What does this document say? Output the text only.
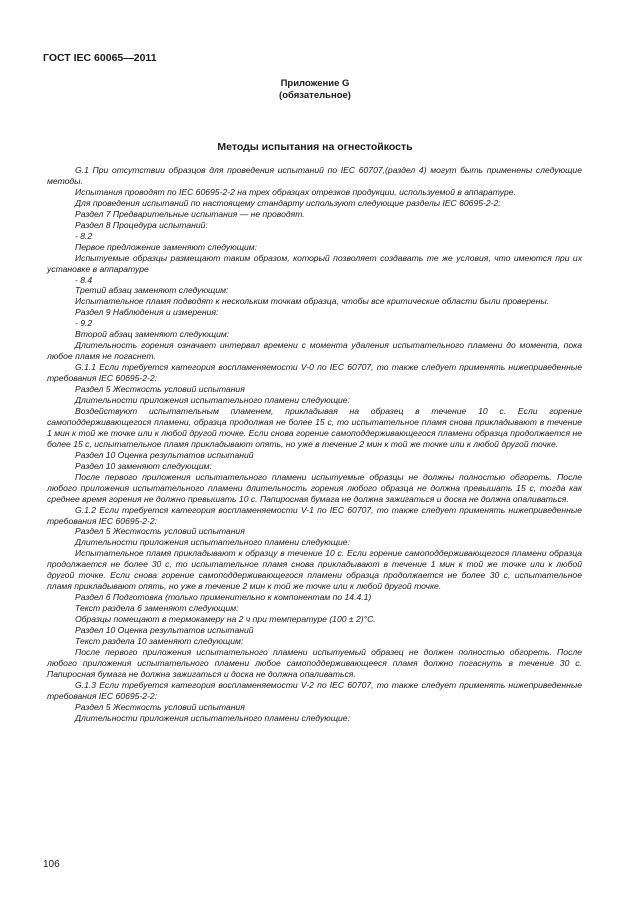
ГОСТ IEC 60065—2011
Приложение G
(обязательное)
Методы испытания на огнестойкость

G.1 При отсутствии образцов для проведения испытаний по IEC 60707,(раздел 4) могут быть применены следующие методы.

Испытания проводят по IEC 60695-2-2 на трех образцах отрезков продукции, используемой в аппаратуре.

Для проведения испытаний по настоящему стандарту используют следующие разделы IEC 60695-2-2:

Раздел 7 Предварительные испытания — не проводят.

Раздел 8 Процедура испытаний:

- 8.2

Первое предложение заменяют следующим:

Испытуемые образцы размещают таким образом, который позволяет создавать те же условия, что имеются при их установке в аппаратуре

- 8.4

Третий абзац заменяют следующим:

Испытательное пламя подводят к нескольким точкам образца, чтобы все критические области были проверены.

Раздел 9 Наблюдения и измерения:

- 9.2

Второй абзац заменяют следующим:

Длительность горения означает интервал времени с момента удаления испытательного пламени до момента, пока любое пламя не погаснет.

G.1.1 Если требуется категория воспламеняемости V-0 по IEC 60707, то также следует применять нижеприведенные требования IEC 60695-2-2:

Раздел 5 Жесткость условий испытания

Длительности приложения испытательного пламени следующие:

Воздействуют испытательным пламенем, прикладывая на образец в течение 10 с. Если горение самоподдерживающегося пламени, образца продолжая не более 15 с, то испытательное пламя снова прикладывают в течение 1 мин к той же точке или к любой другой точке. Если снова горение самоподдерживающегося пламени образца продолжается не более 15 с, испытательное пламя прикладывают опять, но уже в течение 2 мин к той же точке или к любой другой точке.

Раздел 10 Оценка результатов испытаний

Раздел 10 заменяют следующим:

После первого приложения испытательного пламени испытуемые образцы не должны полностью обгореть. После любого приложения испытательного пламени длительность горения любого образца не должна превышать 15 с, тогда как среднее время горения не должно превышать 10 с. Папиросная бумага не должна зажигаться и доска не должна опаливаться.

G.1.2 Если требуется категория воспламеняемости V-1 по IEC 60707, то также следует применять нижеприведенные требования IEC 60695-2-2:

Раздел 5 Жесткость условий испытания

Длительности приложения испытательного пламени следующие:

Испытательное пламя прикладывают к образцу в течение 10 с. Если горение самоподдерживающегося пламени образца продолжается не более 30 с, то испытательное пламя снова прикладывают в течение 1 мин к той же точке или к любой другой точке. Если снова горение самоподдерживающегося пламени образца продолжается не более 30 с, испытательное пламя прикладывают опять, но уже в течение 2 мин к той же точке или к любой другой точке.

Раздел 6 Подготовка (только применительно к компонентам по 14.4.1)

Текст раздела 6 заменяют следующим:

Образцы помещают в термокамеру на 2 ч при температуре (100 ± 2)°С.

Раздел 10 Оценка результатов испытаний

Текст раздела 10 заменяют следующим:

После первого приложения испытательного пламени испытуемый образец не должен полностью обгореть. После любого приложения испытательного пламени любое самоподдерживающееся пламя должно погаснуть в течение 30 с. Папиросная бумага не должна зажигаться и доска не должна опаливаться.

G.1.3 Если требуется категория воспламеняемости V-2 по IEC 60707, то также следует применять нижеприведенные требования IEC 60695-2-2:

Раздел 5 Жесткость условий испытания

Длительности приложения испытательного пламени следующие:

106
